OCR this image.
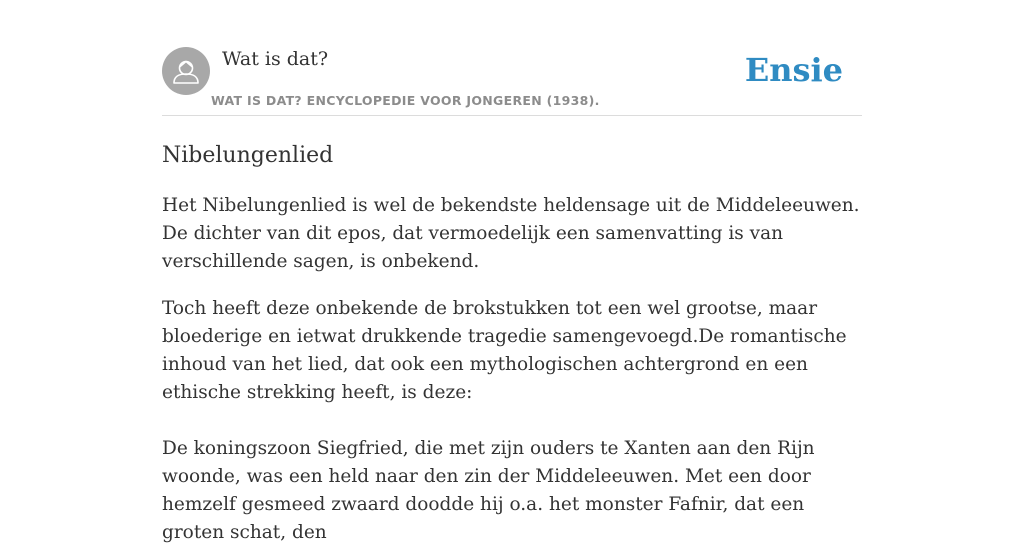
Wat is dat?
WAT IS DAT? ENCYCLOPEDIE VOOR JONGEREN (1938).
Ensie
Nibelungenlied

Het Nibelungenlied is wel de bekendste heldensage uit de Middeleeuwen. De dichter van dit epos, dat vermoedelijk een samenvatting is van verschillende sagen, is onbekend.

Toch heeft deze onbekende de brokstukken tot een wel grootse, maar bloederige en ietwat drukkende tragedie samengevoegd.De romantische inhoud van het lied, dat ook een mythologischen achtergrond en een ethische strekking heeft, is deze:

De koningszoon Siegfried, die met zijn ouders te Xanten aan den Rijn woonde, was een held naar den zin der Middeleeuwen. Met een door hemzelf gesmeed zwaard doodde hij o.a. het monster Fafnir, dat een groten schat, den
